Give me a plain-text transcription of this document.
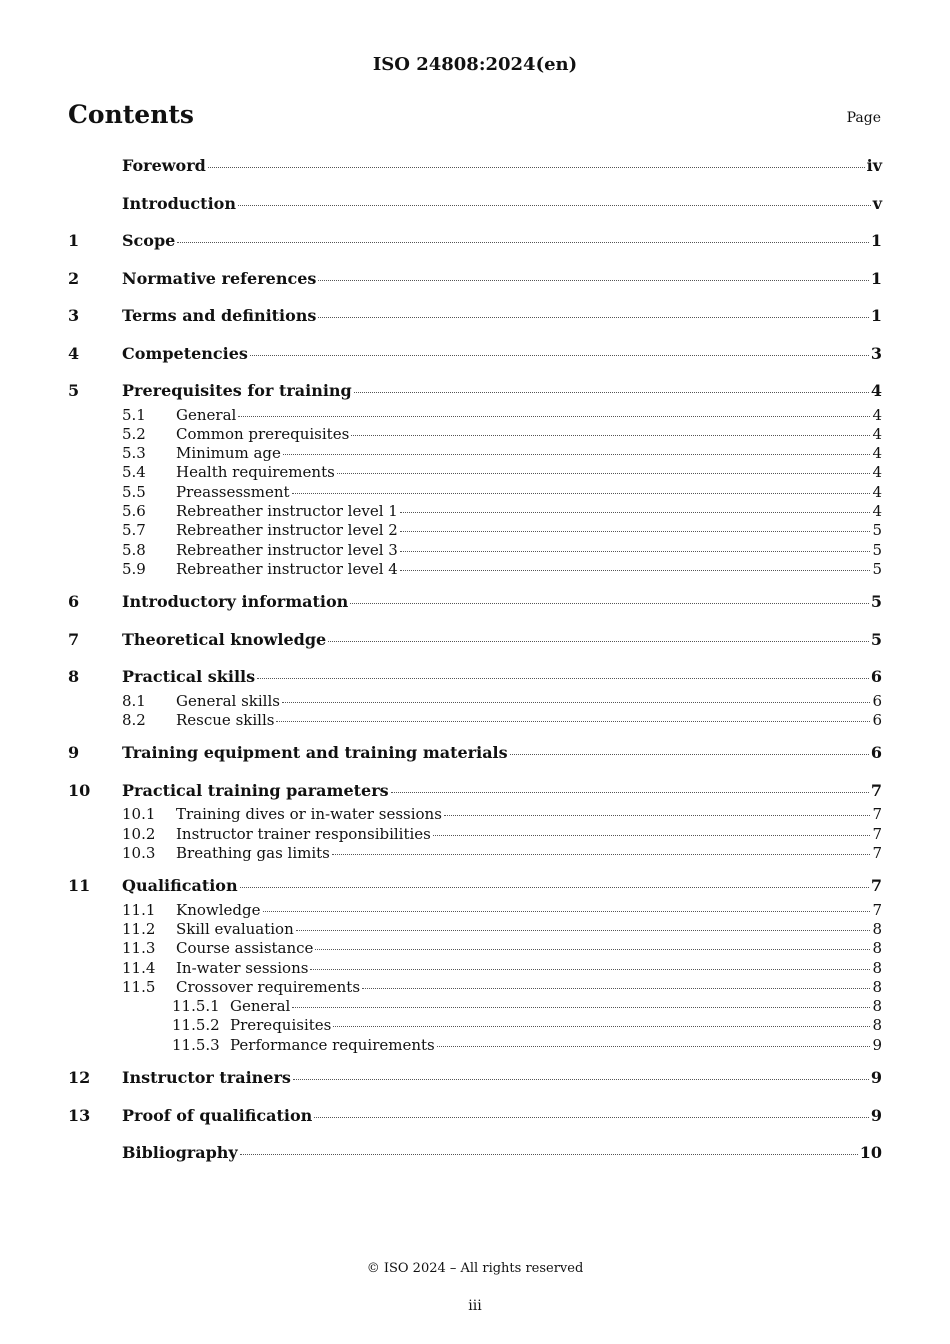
ISO 24808:2024(en)
Contents	Page
Foreword	iv
Introduction	v
1	Scope	1
2	Normative references	1
3	Terms and definitions	1
4	Competencies	3
5	Prerequisites for training	4
5.1	General	4
5.2	Common prerequisites	4
5.3	Minimum age	4
5.4	Health requirements	4
5.5	Preassessment	4
5.6	Rebreather instructor level 1	4
5.7	Rebreather instructor level 2	5
5.8	Rebreather instructor level 3	5
5.9	Rebreather instructor level 4	5
6	Introductory information	5
7	Theoretical knowledge	5
8	Practical skills	6
8.1	General skills	6
8.2	Rescue skills	6
9	Training equipment and training materials	6
10	Practical training parameters	7
10.1	Training dives or in-water sessions	7
10.2	Instructor trainer responsibilities	7
10.3	Breathing gas limits	7
11	Qualification	7
11.1	Knowledge	7
11.2	Skill evaluation	8
11.3	Course assistance	8
11.4	In-water sessions	8
11.5	Crossover requirements	8
11.5.1 General	8
11.5.2 Prerequisites	8
11.5.3 Performance requirements	9
12	Instructor trainers	9
13	Proof of qualification	9
Bibliography	10
© ISO 2024 – All rights reserved
iii
